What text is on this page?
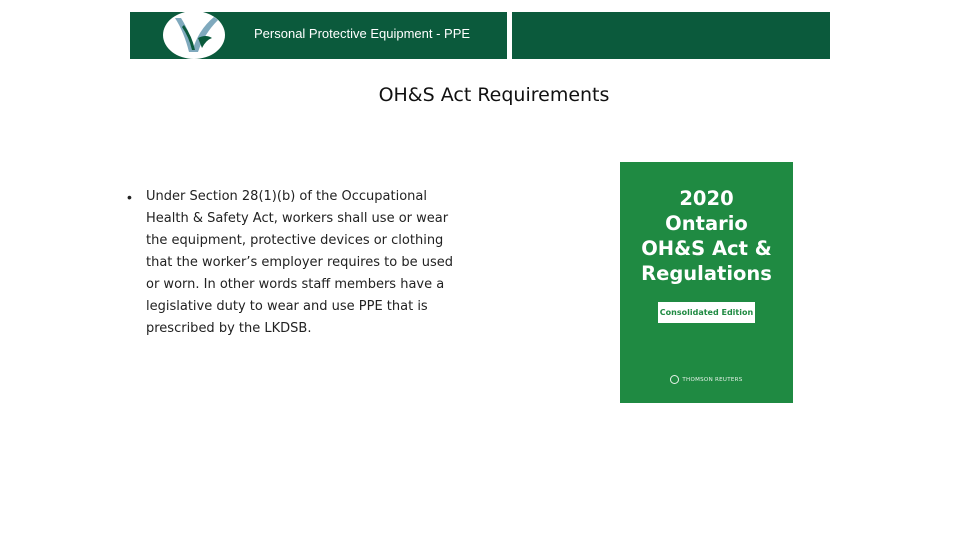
Personal Protective Equipment - PPE
OH&S Act Requirements
• Under Section 28(1)(b) of the Occupational Health & Safety Act, workers shall use or wear the equipment, protective devices or clothing that the worker’s employer requires to be used or worn. In other words staff members have a legislative duty to wear and use PPE that is prescribed by the LKDSB.
2020
Ontario
OH&S Act &
Regulations
Consolidated Edition
THOMSON REUTERS
